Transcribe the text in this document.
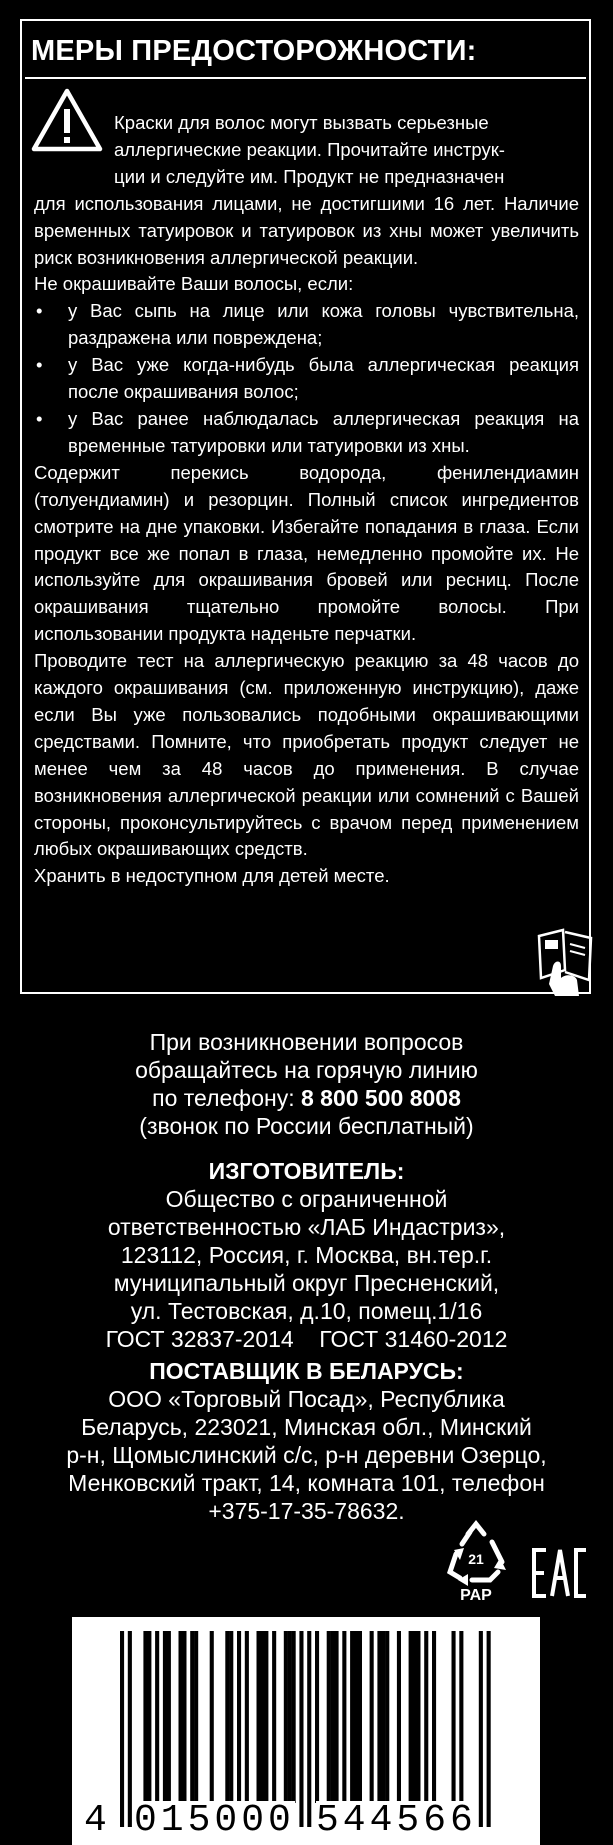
МЕРЫ ПРЕДОСТОРОЖНОСТИ:

Краски для волос могут вызвать серьезные

аллергические реакции. Прочитайте инструк-

ции и следуйте им. Продукт не предназначен

для использования лицами, не достигшими 16 лет. Наличие временных татуировок и татуировок из хны может увеличить риск возникновения аллергической реакции.

Не окрашивайте Ваши волосы, если:

• у Вас сыпь на лице или кожа головы чувствительна, раздражена или повреждена;
• у Вас уже когда-нибудь была аллергическая реакция после окрашивания волос;
• у Вас ранее наблюдалась аллергическая реакция на временные татуировки или татуировки из хны.

Содержит перекись водорода, фенилендиамин (толуендиамин) и резорцин. Полный список ингредиентов смотрите на дне упаковки. Избегайте попадания в глаза. Если продукт все же попал в глаза, немедленно промойте их. Не используйте для окрашивания бровей или ресниц. После окрашивания тщательно промойте волосы. При использовании продукта наденьте перчатки.

Проводите тест на аллергическую реакцию за 48 часов до каждого окрашивания (см. приложенную инструкцию), даже если Вы уже пользовались подобными окрашивающими средствами. Помните, что приобретать продукт следует не менее чем за 48 часов до применения. В случае возникновения аллергической реакции или сомнений с Вашей стороны, проконсультируйтесь с врачом перед применением любых окрашивающих средств.

Хранить в недоступном для детей месте.

При возникновении вопросов
обращайтесь на горячую линию
по телефону: 8 800 500 8008
(звонок по России бесплатный)
ИЗГОТОВИТЕЛЬ:
Общество с ограниченной
ответственностью «ЛАБ Индастриз»,
123112, Россия, г. Москва, вн.тер.г.
муниципальный округ Пресненский,
ул. Тестовская, д.10, помещ.1/16
ГОСТ 32837-2014    ГОСТ 31460-2012
ПОСТАВЩИК В БЕЛАРУСЬ:
ООО «Торговый Посад», Республика
Беларусь, 223021, Минская обл., Минский
р-н, Щомыслинский с/с, р-н деревни Озерцо,
Менковский тракт, 14, комната 101, телефон
+375-17-35-78632.
21
PAP
4 015000 544566
